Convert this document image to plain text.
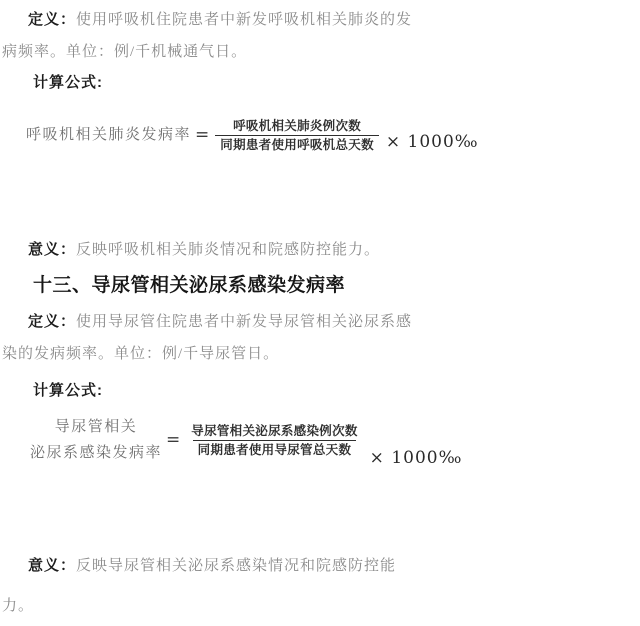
定义：使用呼吸机住院患者中新发呼吸机相关肺炎的发
病频率。单位：例/千机械通气日。
计算公式:
呼吸机相关肺炎发病率 = $\frac{\text{呼吸机相关肺炎例次数}}{\text{同期患者使用呼吸机总天数}}$ × 1000‰
意义：反映呼吸机相关肺炎情况和院感防控能力。
十三、导尿管相关泌尿系感染发病率
定义：使用导尿管住院患者中新发导尿管相关泌尿系感
染的发病频率。单位：例/千导尿管日。
计算公式:
导尿管相关
泌尿系感染发病率
= $\frac{\text{导尿管相关泌尿系感染例次数}}{\text{同期患者使用导尿管总天数}}$ × 1000‰
意义：反映导尿管相关泌尿系感染情况和院感防控能
力。
